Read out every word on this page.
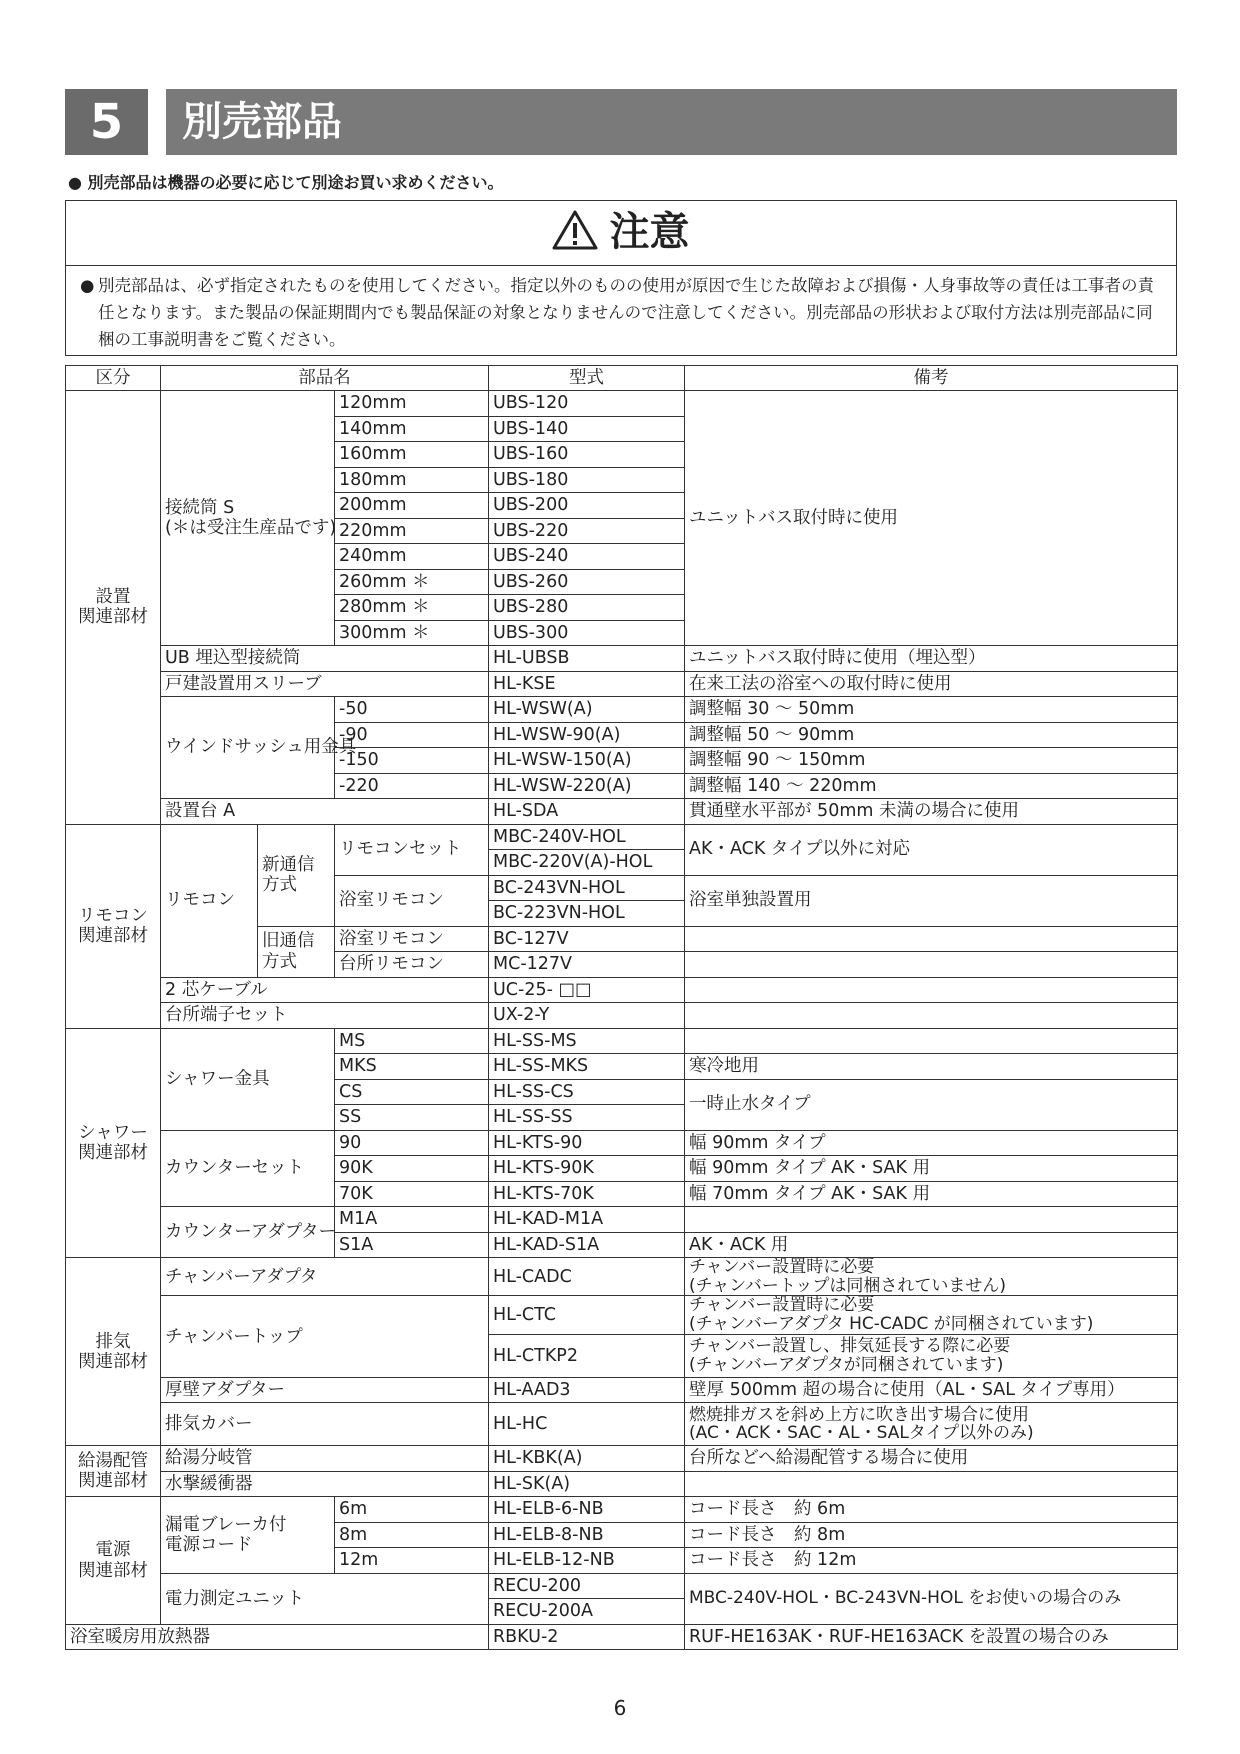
5	別売部品
● 別売部品は機器の必要に応じて別途お買い求めください。
注意
● 別売部品は、必ず指定されたものを使用してください。指定以外のものの使用が原因で生じた故障および損傷・人身事故等の責任は工事者の責任となります。また製品の保証期間内でも製品保証の対象となりませんので注意してください。別売部品の形状および取付方法は別売部品に同梱の工事説明書をご覧ください。
区分	部品名			型式	備考
設置
関連部材	接続筒 S
(＊は受注生産品です)		120mm	UBS-120	ユニットバス取付時に使用
			140mm	UBS-140	
			160mm	UBS-160	
			180mm	UBS-180	
			200mm	UBS-200	
			220mm	UBS-220	
			240mm	UBS-240	
			260mm ＊	UBS-260	
			280mm ＊	UBS-280	
			300mm ＊	UBS-300	
	UB 埋込型接続筒			HL-UBSB	ユニットバス取付時に使用（埋込型）
	戸建設置用スリーブ			HL-KSE	在来工法の浴室への取付時に使用
	ウインドサッシュ用金具		-50	HL-WSW(A)	調整幅 30 ～ 50mm
			-90	HL-WSW-90(A)	調整幅 50 ～ 90mm
			-150	HL-WSW-150(A)	調整幅 90 ～ 150mm
			-220	HL-WSW-220(A)	調整幅 140 ～ 220mm
	設置台 A			HL-SDA	貫通壁水平部が 50mm 未満の場合に使用
リモコン
関連部材	リモコン	新通信
方式	リモコンセット	MBC-240V-HOL	AK・ACK タイプ以外に対応
				MBC-220V(A)-HOL	
			浴室リモコン	BC-243VN-HOL	浴室単独設置用
				BC-223VN-HOL	
		旧通信
方式	浴室リモコン	BC-127V	
			台所リモコン	MC-127V	
	2 芯ケーブル			UC-25- □□	
	台所端子セット			UX-2-Y	
シャワー
関連部材	シャワー金具		MS	HL-SS-MS	
			MKS	HL-SS-MKS	寒冷地用
			CS	HL-SS-CS	一時止水タイプ
			SS	HL-SS-SS	
	カウンターセット		90	HL-KTS-90	幅 90mm タイプ
			90K	HL-KTS-90K	幅 90mm タイプ AK・SAK 用
			70K	HL-KTS-70K	幅 70mm タイプ AK・SAK 用
	カウンターアダプター		M1A	HL-KAD-M1A	
			S1A	HL-KAD-S1A	AK・ACK 用
排気
関連部材	チャンバーアダプタ			HL-CADC	チャンバー設置時に必要
(チャンバートップは同梱されていません)
	チャンバートップ			HL-CTC	チャンバー設置時に必要
(チャンバーアダプタ HC-CADC が同梱されています)
				HL-CTKP2	チャンバー設置し、排気延長する際に必要
(チャンバーアダプタが同梱されています)
	厚壁アダプター			HL-AAD3	壁厚 500mm 超の場合に使用（AL・SAL タイプ専用）
	排気カバー			HL-HC	燃焼排ガスを斜め上方に吹き出す場合に使用
(AC・ACK・SAC・AL・SALタイプ以外のみ)
給湯配管
関連部材	給湯分岐管			HL-KBK(A)	台所などへ給湯配管する場合に使用
	水撃緩衝器			HL-SK(A)	
電源
関連部材	漏電ブレーカ付
電源コード		6m	HL-ELB-6-NB	コード長さ　約 6m
			8m	HL-ELB-8-NB	コード長さ　約 8m
			12m	HL-ELB-12-NB	コード長さ　約 12m
	電力測定ユニット			RECU-200	MBC-240V-HOL・BC-243VN-HOL をお使いの場合のみ
				RECU-200A	
浴室暖房用放熱器				RBKU-2	RUF-HE163AK・RUF-HE163ACK を設置の場合のみ
6
